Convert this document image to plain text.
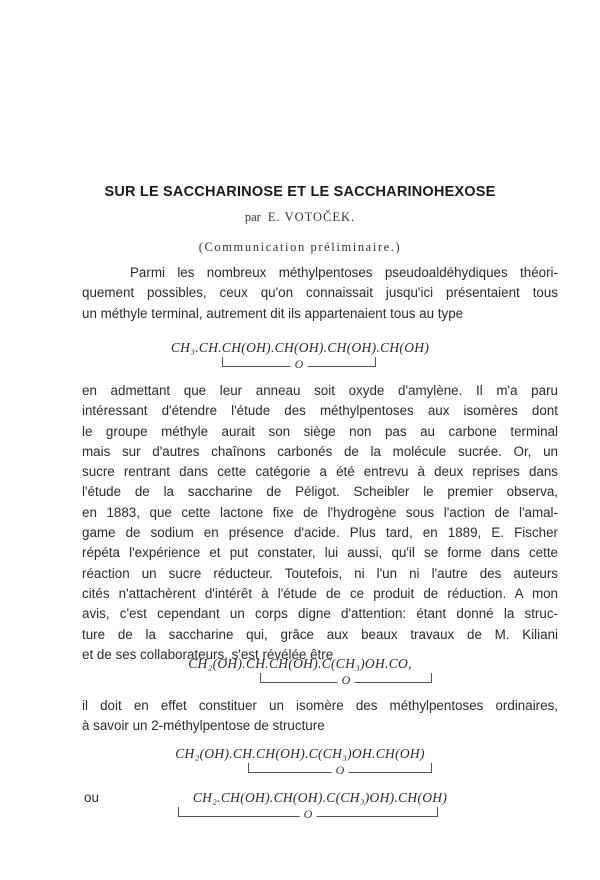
SUR LE SACCHARINOSE ET LE SACCHARINOHEXOSE
par E. VOTOČEK.
(Communication préliminaire.)
Parmi les nombreux méthylpentoses pseudoaldéhydiques théori-
quement possibles, ceux qu'on connaissait jusqu'ici présentaient tous
un méthyle terminal, autrement dit ils appartenaient tous au type
CH₃.CH.CH(OH).CH(OH).CH(OH).CH(OH)
O
en admettant que leur anneau soit oxyde d'amylène. Il m'a paru
intéressant d'étendre l'étude des méthylpentoses aux isomères dont
le groupe méthyle aurait son siège non pas au carbone terminal
mais sur d'autres chaînons carbonés de la molécule sucrée. Or, un
sucre rentrant dans cette catégorie a été entrevu à deux reprises dans
l'étude de la saccharine de Péligot. Scheibler le premier observa,
en 1883, que cette lactone fixe de l'hydrogène sous l'action de l'amal-
game de sodium en présence d'acide. Plus tard, en 1889, E. Fischer
répéta l'expérience et put constater, lui aussi, qu'il se forme dans cette
réaction un sucre réducteur. Toutefois, ni l'un ni l'autre des auteurs
cités n'attachèrent d'intérêt à l'étude de ce produit de réduction. A mon
avis, c'est cependant un corps digne d'attention: étant donné la struc-
ture de la saccharine qui, grâce aux beaux travaux de M. Kiliani
et de ses collaborateurs, s'est révélée être
CH₂(OH).CH.CH(OH).C(CH₃)OH.CO,
O
il doit en effet constituer un isomère des méthylpentoses ordinaires,
à savoir un 2-méthylpentose de structure
CH₂(OH).CH.CH(OH).C(CH₃)OH.CH(OH)
O
ou	CH₂.CH(OH).CH(OH).C(CH₃)OH).CH(OH)
O
